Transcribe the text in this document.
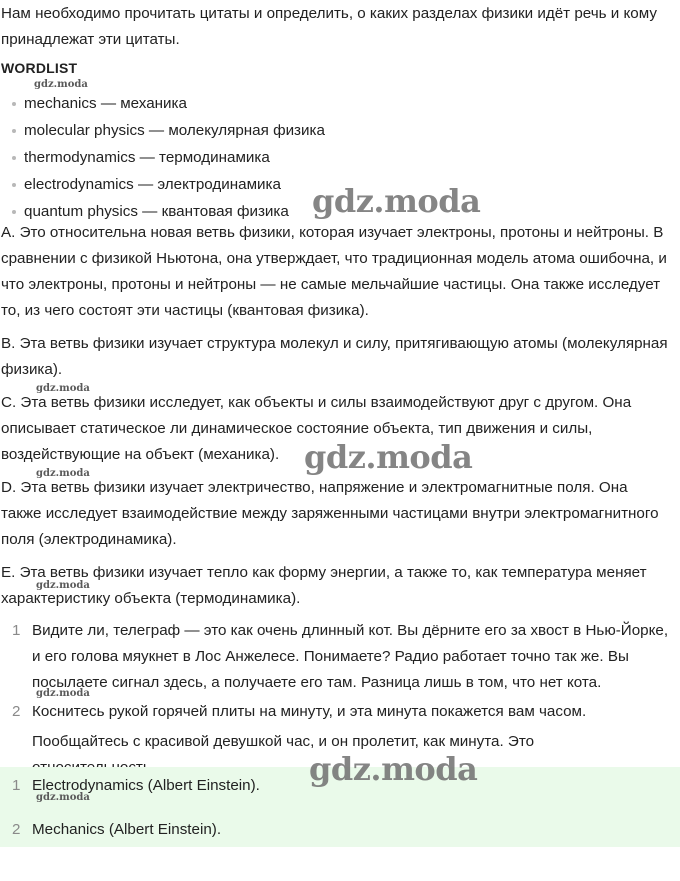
Нам необходимо прочитать цитаты и определить, о каких разделах физики идёт речь и кому принадлежат эти цитаты.
WORDLIST
mechanics — механика
molecular physics — молекулярная физика
thermodynamics — термодинамика
electrodynamics — электродинамика
quantum physics — квантовая физика
A. Это относительна новая ветвь физики, которая изучает электроны, протоны и нейтроны. В сравнении с физикой Ньютона, она утверждает, что традиционная модель атома ошибочна, и что электроны, протоны и нейтроны — не самые мельчайшие частицы. Она также исследует то, из чего состоят эти частицы (квантовая физика).
B. Эта ветвь физики изучает структура молекул и силу, притягивающую атомы (молекулярная физика).
C. Эта ветвь физики исследует, как объекты и силы взаимодействуют друг с другом. Она описывает статическое ли динамическое состояние объекта, тип движения и силы, воздействующие на объект (механика).
D. Эта ветвь физики изучает электричество, напряжение и электромагнитные поля. Она также исследует взаимодействие между заряженными частицами внутри электромагнитного поля (электродинамика).
E. Эта ветвь физики изучает тепло как форму энергии, а также то, как температура меняет характеристику объекта (термодинамика).
1 Видите ли, телеграф — это как очень длинный кот. Вы дёрните его за хвост в Нью-Йорке, и его голова мяукнет в Лос Анжелесе. Понимаете? Радио работает точно так же. Вы посылаете сигнал здесь, а получаете его там. Разница лишь в том, что нет кота.
2 Коснитесь рукой горячей плиты на минуту, и эта минута покажется вам часом.
Пообщайтесь с красивой девушкой час, и он пролетит, как минута. Это
1 Electrodynamics (Albert Einstein).
2 Mechanics (Albert Einstein).
gdz.moda
gdz.moda
gdz.moda
gdz.moda
gdz.moda
gdz.moda
gdz.moda
gdz.moda
gdz.moda
